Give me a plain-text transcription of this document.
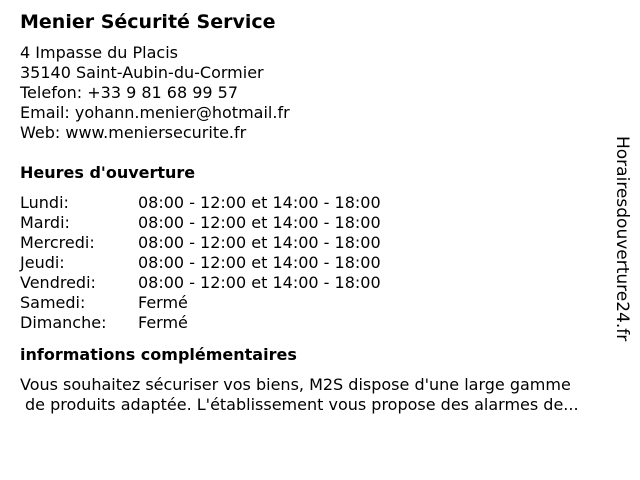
Menier Sécurité Service
4 Impasse du Placis
35140 Saint-Aubin-du-Cormier
Telefon: +33 9 81 68 99 57
Email: yohann.menier@hotmail.fr
Web: www.meniersecurite.fr
Heures d'ouverture
Lundi:	08:00 - 12:00 et 14:00 - 18:00
Mardi:	08:00 - 12:00 et 14:00 - 18:00
Mercredi:	08:00 - 12:00 et 14:00 - 18:00
Jeudi:	08:00 - 12:00 et 14:00 - 18:00
Vendredi:	08:00 - 12:00 et 14:00 - 18:00
Samedi:	Fermé
Dimanche:	Fermé
informations complémentaires
Vous souhaitez sécuriser vos biens, M2S dispose d'une large gamme
de produits adaptée. L'établissement vous propose des alarmes de...
Horairesdouverture24.fr
